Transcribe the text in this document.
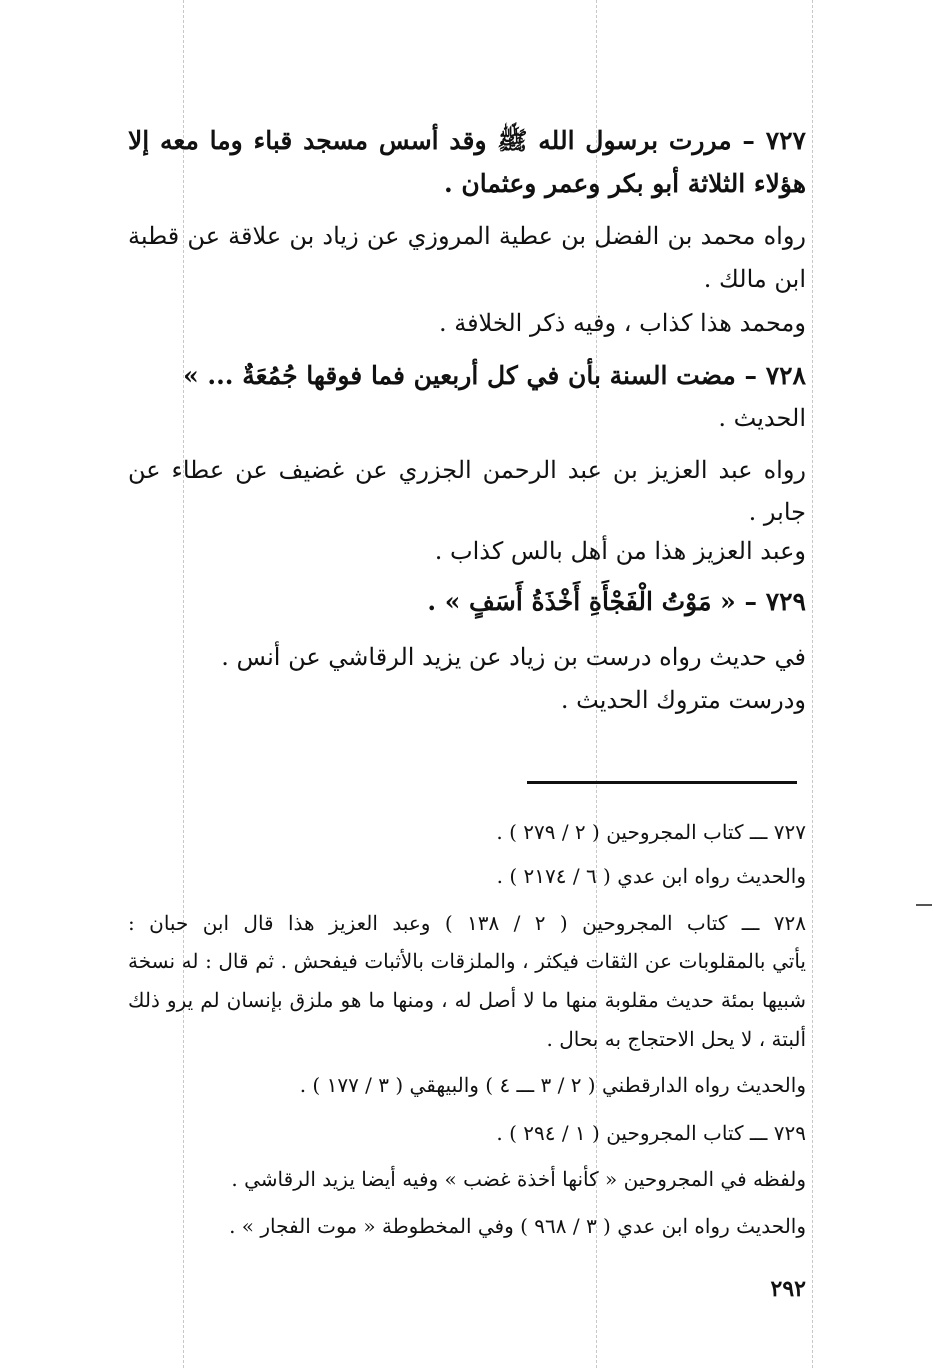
٧٢٧ – مررت برسول الله ﷺ وقد أسس مسجد قباء وما معه إلا
هؤلاء الثلاثة أبو بكر وعمر وعثمان .
رواه محمد بن الفضل بن عطية المروزي عن زياد بن علاقة عن قطبة
ابن مالك .
ومحمد هذا كذاب ، وفيه ذكر الخلافة .
٧٢٨ – مضت السنة بأن في كل أربعين فما فوقها جُمُعَةٌ ... »
الحديث .
رواه عبد العزيز بن عبد الرحمن الجزري عن غضيف عن عطاء عن
جابر .
وعبد العزيز هذا من أهل بالس كذاب .
٧٢٩ – « مَوْتُ الْفَجْأَةِ أَخْذَةُ أَسَفٍ » .
في حديث رواه درست بن زياد عن يزيد الرقاشي عن أنس .
ودرست متروك الحديث .
٧٢٧ ـــ كتاب المجروحين ( ٢ / ٢٧٩ ) .
والحديث رواه ابن عدي ( ٦ / ٢١٧٤ ) .
٧٢٨ ـــ كتاب المجروحين ( ٢ / ١٣٨ ) وعبد العزيز هذا قال ابن حبان :
يأتي بالمقلوبات عن الثقات فيكثر ، والملزقات بالأثبات فيفحش . ثم قال : له نسخة
شبيها بمئة حديث مقلوبة منها ما لا أصل له ، ومنها ما هو ملزق بإنسان لم يرو ذلك
ألبتة ، لا يحل الاحتجاج به بحال .
والحديث رواه الدارقطني ( ٢ / ٣ ـــ ٤ ) والبيهقي ( ٣ / ١٧٧ ) .
٧٢٩ ـــ كتاب المجروحين ( ١ / ٢٩٤ ) .
ولفظه في المجروحين « كأنها أخذة غضب » وفيه أيضا يزيد الرقاشي .
والحديث رواه ابن عدي ( ٣ / ٩٦٨ ) وفي المخطوطة « موت الفجار » .
٢٩٢
